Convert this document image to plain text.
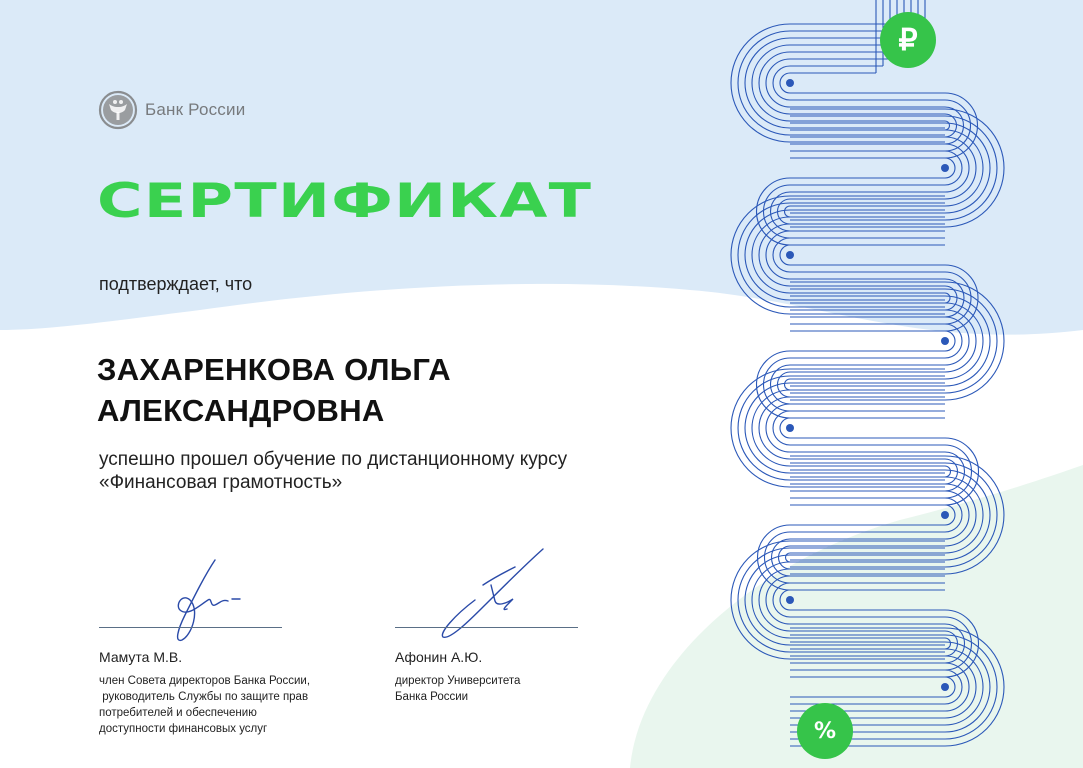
Банк России

СЕРТИФИКАТ

подтверждает, что

ЗАХАРЕНКОВА ОЛЬГА

АЛЕКСАНДРОВНА

успешно прошел обучение по дистанционному курсу

«Финансовая грамотность»

Мамута М.В.

член Совета директоров Банка России,

руководитель Службы по защите прав

потребителей и обеспечению

доступности финансовых услуг

Афонин А.Ю.

директор Университета

Банка России

₽
%
